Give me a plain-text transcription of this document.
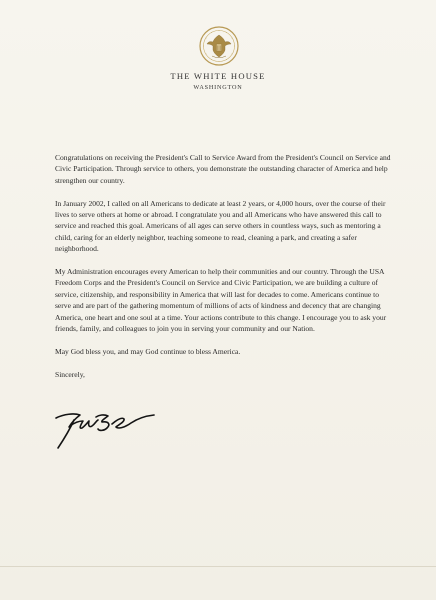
THE WHITE HOUSE
WASHINGTON

Congratulations on receiving the President's Call to Service Award from the President's Council on Service and Civic Participation. Through service to others, you demonstrate the outstanding character of America and help strengthen our country.

In January 2002, I called on all Americans to dedicate at least 2 years, or 4,000 hours, over the course of their lives to serve others at home or abroad. I congratulate you and all Americans who have answered this call to service and reached this goal. Americans of all ages can serve others in countless ways, such as mentoring a child, caring for an elderly neighbor, teaching someone to read, cleaning a park, and creating a safer neighborhood.

My Administration encourages every American to help their communities and our country. Through the USA Freedom Corps and the President's Council on Service and Civic Participation, we are building a culture of service, citizenship, and responsibility in America that will last for decades to come. Americans continue to serve and are part of the gathering momentum of millions of acts of kindness and decency that are changing America, one heart and one soul at a time. Your actions contribute to this change. I encourage you to ask your friends, family, and colleagues to join you in serving your community and our Nation.

May God bless you, and may God continue to bless America.

Sincerely,
